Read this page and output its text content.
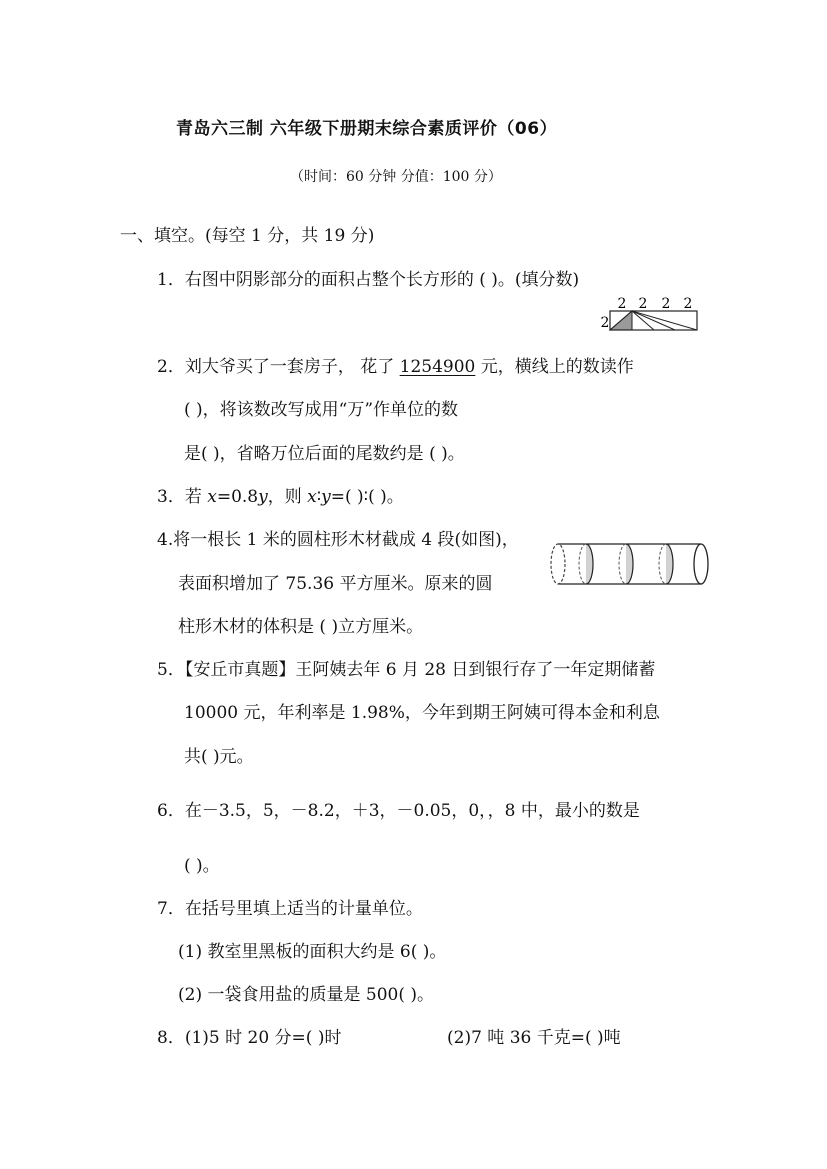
青岛六三制 六年级下册期末综合素质评价（06）
（时间：60 分钟 分值：100 分）
一、填空。(每空 1 分，共 19 分)
1．右图中阴影部分的面积占整个长方形的 ( )。(填分数)
2 2 2 2
2
2．刘大爷买了一套房子， 花了 1254900 元，横线上的数读作
( )，将该数改写成用“万”作单位的数
是( )，省略万位后面的尾数约是 ( )。
3．若 x=0.8y，则 x∶y=( )∶( )。
4.将一根长 1 米的圆柱形木材截成 4 段(如图)，
表面积增加了 75.36 平方厘米。原来的圆
柱形木材的体积是 ( )立方厘米。
5．【安丘市真题】王阿姨去年 6 月 28 日到银行存了一年定期储蓄
10000 元，年利率是 1.98%，今年到期王阿姨可得本金和利息
共( )元。
6．在－3.5，5，－8.2，＋3，－0.05，0，，8 中，最小的数是
( )。
7．在括号里填上适当的计量单位。
(1) 教室里黑板的面积大约是 6( )。
(2) 一袋食用盐的质量是 500( )。
8．(1)5 时 20 分=( )时	(2)7 吨 36 千克=( )吨
